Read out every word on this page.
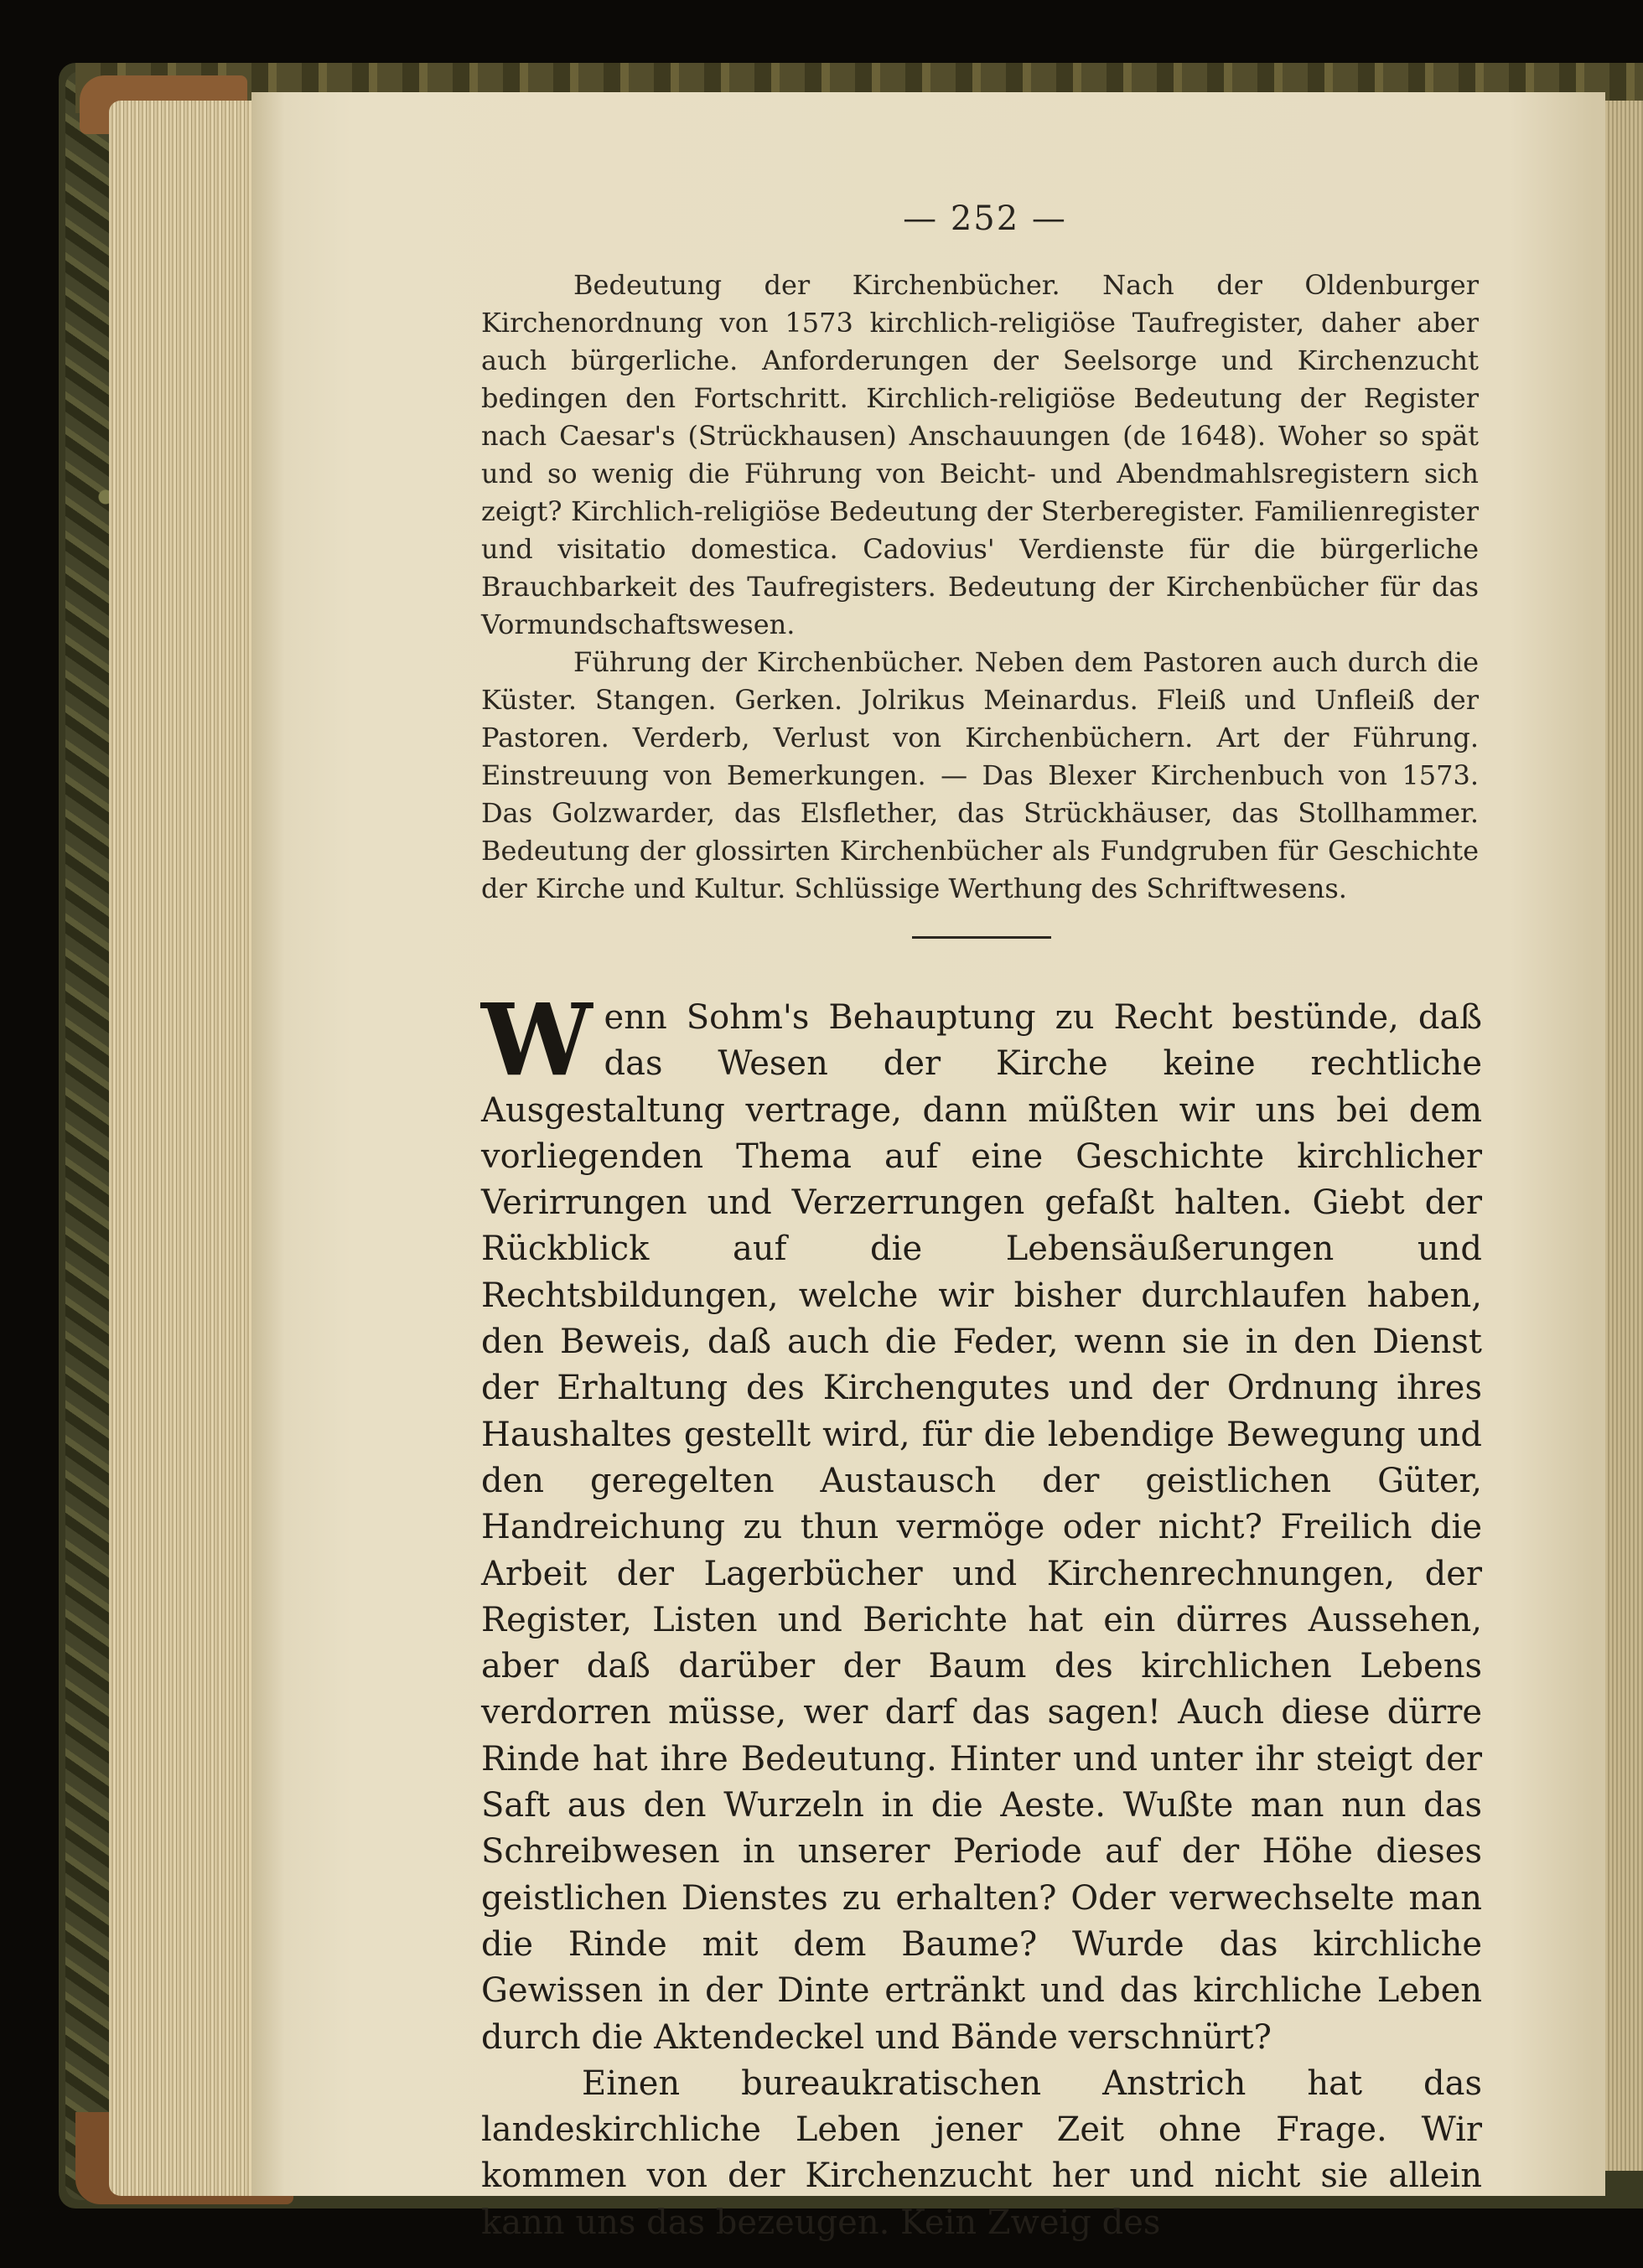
— 252 —

Bedeutung der Kirchenbücher. Nach der Oldenburger Kirchenordnung von 1573 kirchlich-religiöse Taufregister, daher aber auch bürgerliche. Anforderungen der Seelsorge und Kirchenzucht bedingen den Fortschritt. Kirchlich-religiöse Bedeutung der Register nach Caesar's (Strückhausen) Anschauungen (de 1648). Woher so spät und so wenig die Führung von Beicht- und Abendmahlsregistern sich zeigt? Kirchlich-religiöse Bedeutung der Sterberegister. Familienregister und visitatio domestica. Cadovius' Verdienste für die bürgerliche Brauchbarkeit des Taufregisters. Bedeutung der Kirchenbücher für das Vormundschaftswesen.

Führung der Kirchenbücher. Neben dem Pastoren auch durch die Küster. Stangen. Gerken. Jolrikus Meinardus. Fleiß und Unfleiß der Pastoren. Verderb, Verlust von Kirchenbüchern. Art der Führung. Einstreuung von Bemerkungen. — Das Blexer Kirchenbuch von 1573. Das Golzwarder, das Elsflether, das Strückhäuser, das Stollhammer. Bedeutung der glossirten Kirchenbücher als Fundgruben für Geschichte der Kirche und Kultur. Schlüssige Werthung des Schriftwesens.

W enn Sohm's Behauptung zu Recht bestünde, daß das Wesen der Kirche keine rechtliche Ausgestaltung vertrage, dann müßten wir uns bei dem vorliegenden Thema auf eine Geschichte kirchlicher Verirrungen und Verzerrungen gefaßt halten. Giebt der Rückblick auf die Lebensäußerungen und Rechtsbildungen, welche wir bisher durchlaufen haben, den Beweis, daß auch die Feder, wenn sie in den Dienst der Erhaltung des Kirchengutes und der Ordnung ihres Haushaltes gestellt wird, für die lebendige Bewegung und den geregelten Austausch der geistlichen Güter, Handreichung zu thun vermöge oder nicht? Freilich die Arbeit der Lagerbücher und Kirchenrechnungen, der Register, Listen und Berichte hat ein dürres Aussehen, aber daß darüber der Baum des kirchlichen Lebens verdorren müsse, wer darf das sagen! Auch diese dürre Rinde hat ihre Bedeutung. Hinter und unter ihr steigt der Saft aus den Wurzeln in die Aeste. Wußte man nun das Schreibwesen in unserer Periode auf der Höhe dieses geistlichen Dienstes zu erhalten? Oder verwechselte man die Rinde mit dem Baume? Wurde das kirchliche Gewissen in der Dinte ertränkt und das kirchliche Leben durch die Aktendeckel und Bände verschnürt?

Einen bureaukratischen Anstrich hat das landeskirchliche Leben jener Zeit ohne Frage. Wir kommen von der Kirchenzucht her und nicht sie allein kann uns das bezeugen. Kein Zweig des
